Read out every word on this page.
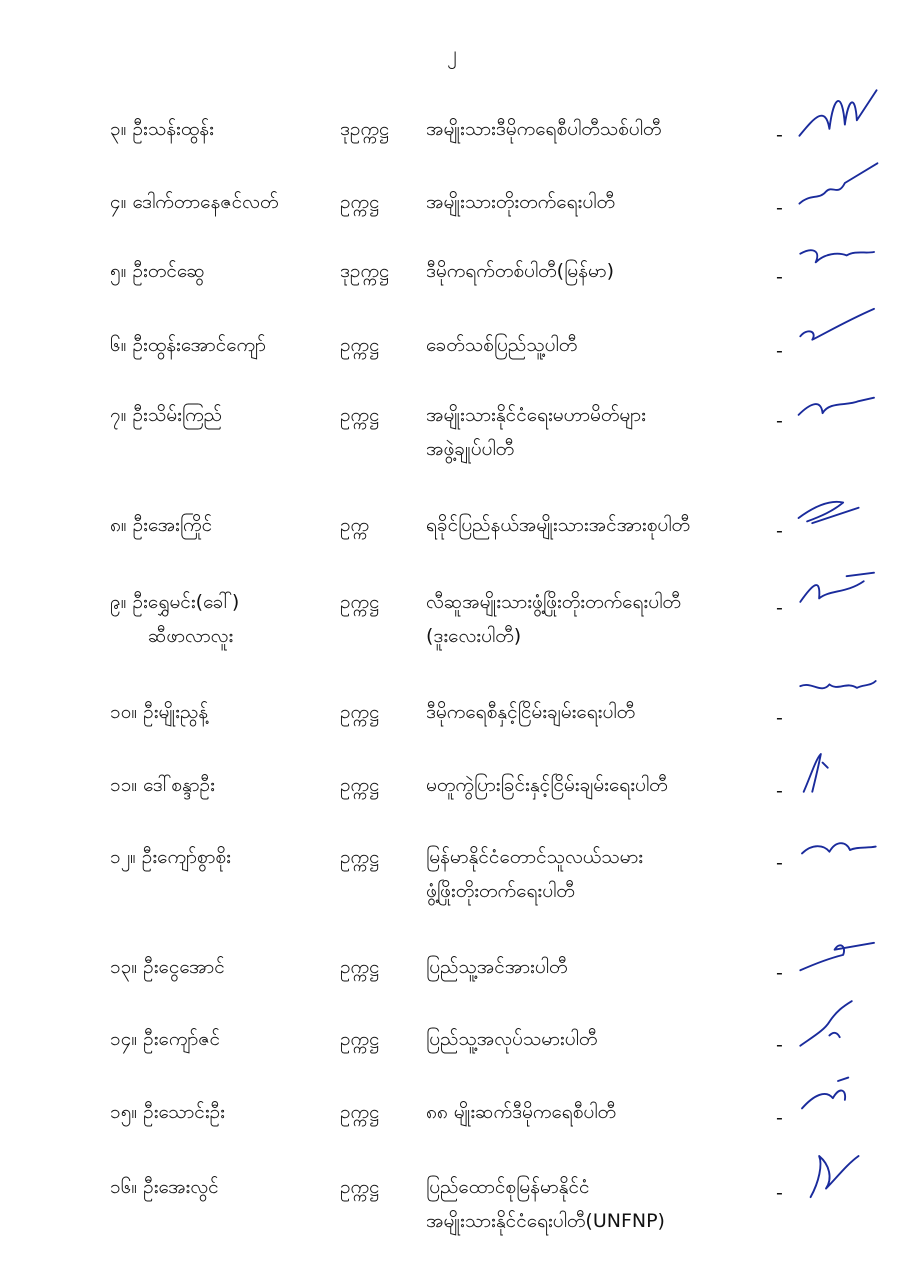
၂
၃။ ဦးသန်းထွန်း	ဒုဥက္ကဋ္ဌ	အမျိုးသားဒီမိုကရေစီပါတီသစ်ပါတီ	-
၄။ ဒေါက်တာနေဇင်လတ်	ဥက္ကဋ္ဌ	အမျိုးသားတိုးတက်ရေးပါတီ	-
၅။ ဦးတင်ဆွေ	ဒုဥက္ကဋ္ဌ	ဒီမိုကရက်တစ်ပါတီ(မြန်မာ)	-
၆။ ဦးထွန်းအောင်ကျော်	ဥက္ကဋ္ဌ	ခေတ်သစ်ပြည်သူ့ပါတီ	-
၇။ ဦးသိမ်းကြည်	ဥက္ကဋ္ဌ	အမျိုးသားနိုင်ငံရေးမဟာမိတ်များ
အဖွဲ့ချုပ်ပါတီ
-
၈။ ဦးအေးကြိုင်	ဥက္က	ရခိုင်ပြည်နယ်အမျိုးသားအင်အားစုပါတီ	-
၉။ ဦးရွှေမင်း(ခေါ်)
ဆီဖာလာလူး
ဥက္ကဋ္ဌ	လီဆူအမျိုးသားဖွံ့ဖြိုးတိုးတက်ရေးပါတီ
(ဒူးလေးပါတီ)
-
၁၀။ ဦးမျိုးညွန့်	ဥက္ကဋ္ဌ	ဒီမိုကရေစီနှင့်ငြိမ်းချမ်းရေးပါတီ	-
၁၁။ ဒေါ်စန္ဒာဦး	ဥက္ကဋ္ဌ	မတူကွဲပြားခြင်းနှင့်ငြိမ်းချမ်းရေးပါတီ	-
၁၂။ ဦးကျော်စွာစိုး	ဥက္ကဋ္ဌ	မြန်မာနိုင်ငံတောင်သူလယ်သမား
ဖွံ့ဖြိုးတိုးတက်ရေးပါတီ
-
၁၃။ ဦးငွေအောင်	ဥက္ကဋ္ဌ	ပြည်သူ့အင်အားပါတီ	-
၁၄။ ဦးကျော်ဇင်	ဥက္ကဋ္ဌ	ပြည်သူ့အလုပ်သမားပါတီ	-
၁၅။ ဦးသောင်းဦး	ဥက္ကဋ္ဌ	၈၈ မျိုးဆက်ဒီမိုကရေစီပါတီ	-
၁၆။ ဦးအေးလွင်	ဥက္ကဋ္ဌ	ပြည်ထောင်စုမြန်မာနိုင်ငံ
အမျိုးသားနိုင်ငံရေးပါတီ(UNFNP)
-
